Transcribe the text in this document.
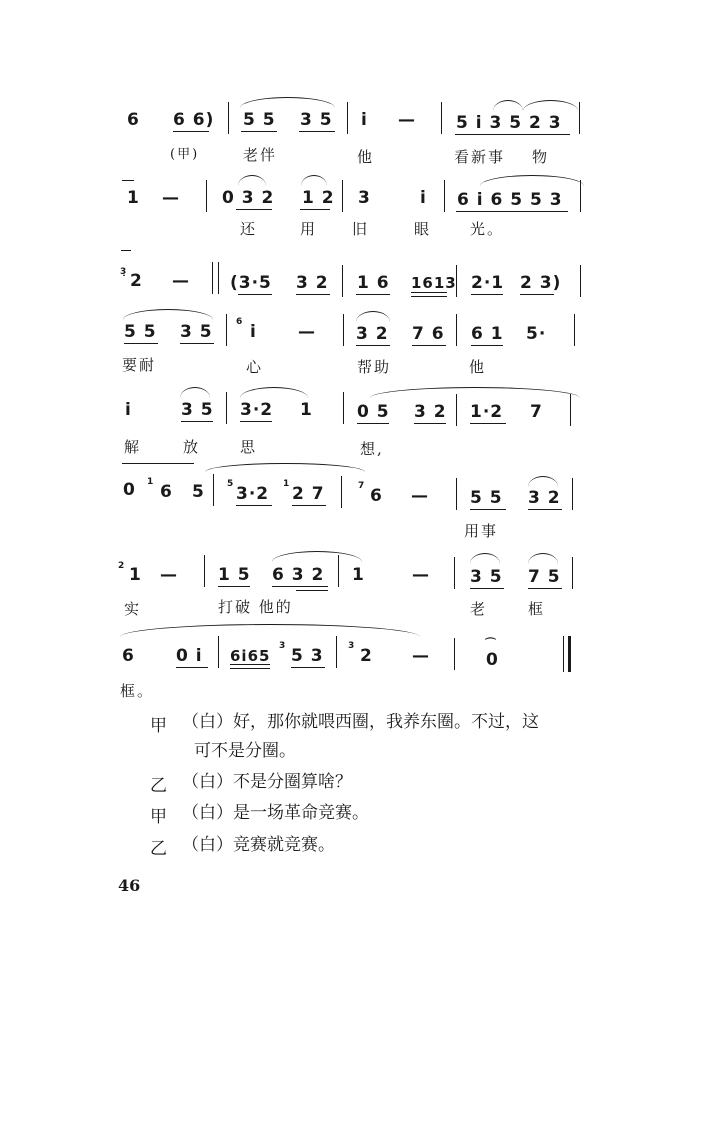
6 6 6) 5 5 3 5 i — 5 i 3 5 2 3
(甲)	老伴	他	看新事 物
1 — 0 3 2 1 2 3	i 6 i 6 5 5 3
还	用 旧	眼	光。
3̣ 2 — (3·5 3 2 1 6 1613 2·1 2 3)
5 5 3 5	6 i — 3 2 7 6 6 1 5·
要耐	心	帮助	他
i	3 5 3·2 1	0 5 3 2 1·2 7
解	放	思	想,
0 1 6 5 5 3·2 1 2 7	7 6 — 5 5 3 2
用事
2 1 — 1 5 6 3 2 1	— 3 5 7 5
实	打破 他的	老	框
6 0 i 6i65
3 5 3	3 2 —
⌒
0
框。
甲 （白）好，那你就喂西圈，我养东圈。不过，这
可不是分圈。
乙 （白）不是分圈算啥？
甲 （白）是一场革命竞赛。
乙 （白）竞赛就竞赛。
46
